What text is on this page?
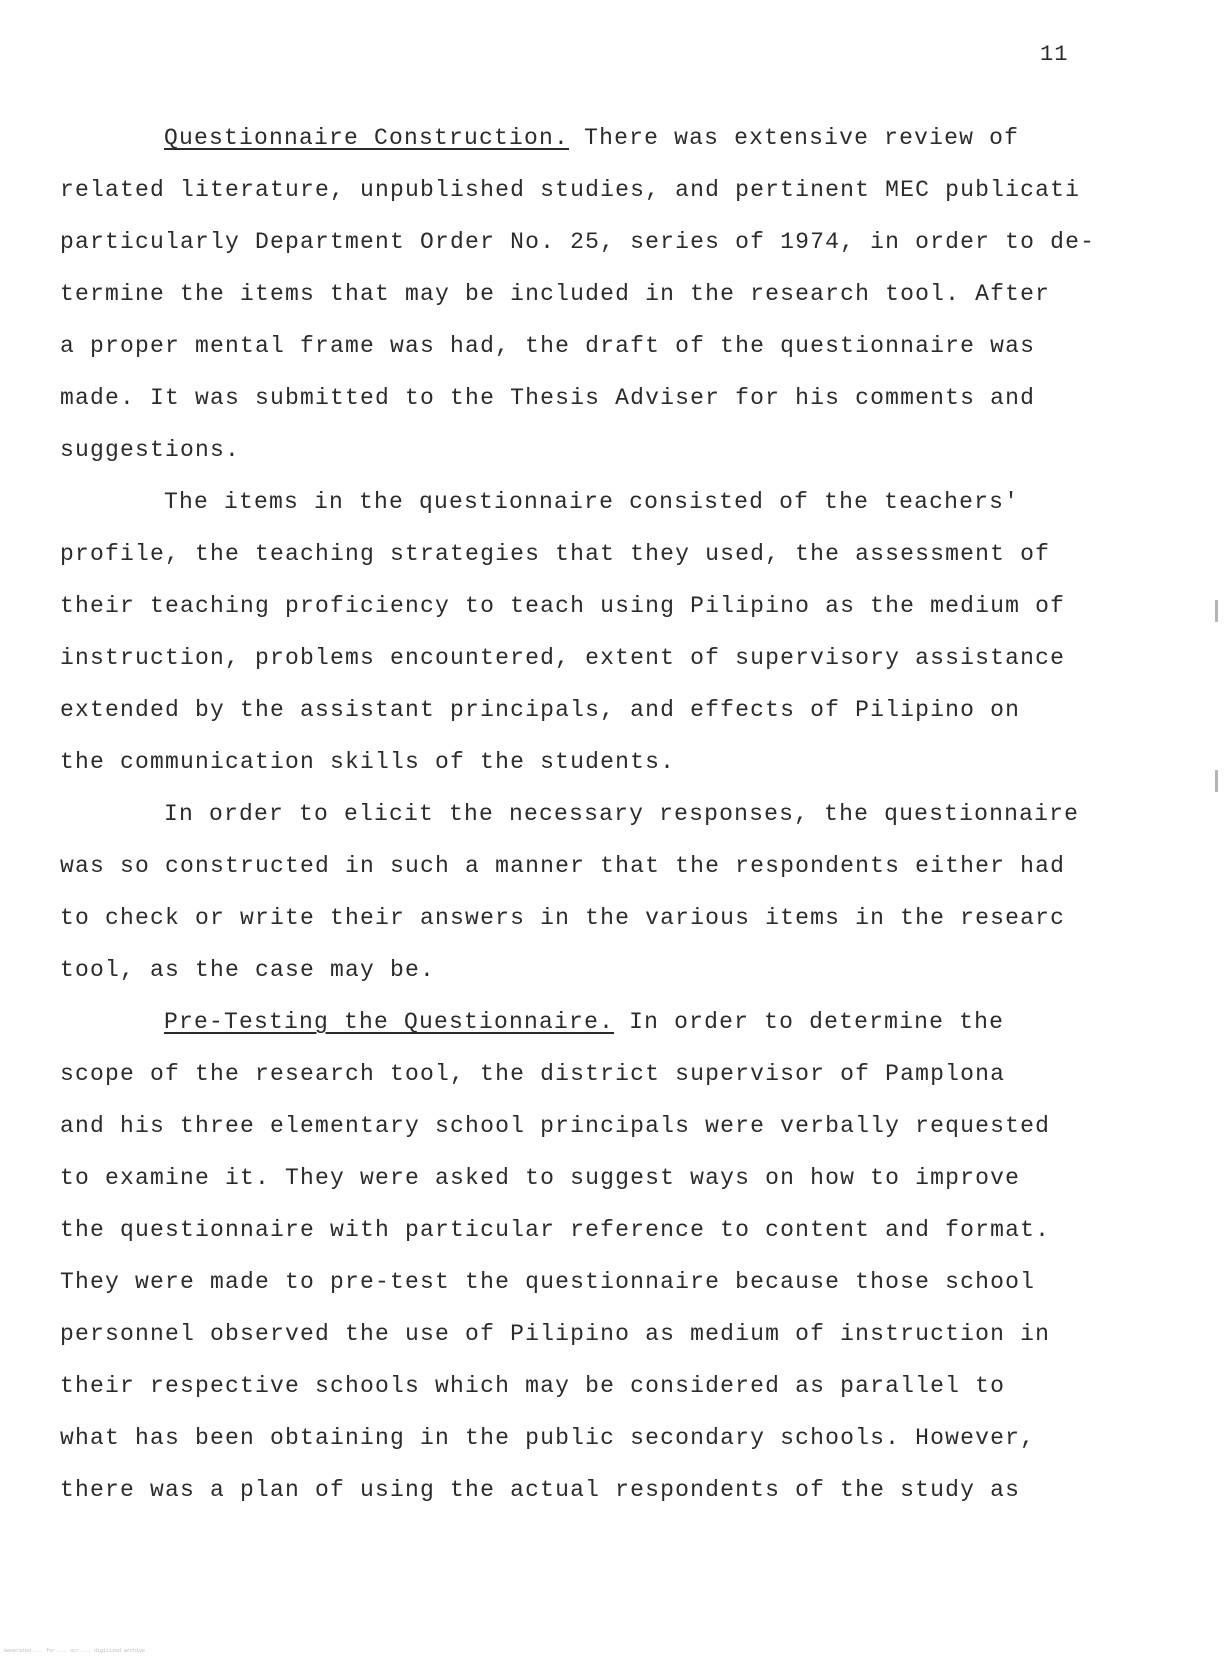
11
Questionnaire Construction. There was extensive review of
related literature, unpublished studies, and pertinent MEC publicati
particularly Department Order No. 25, series of 1974, in order to de-
termine the items that may be included in the research tool. After
a proper mental frame was had, the draft of the questionnaire was
made. It was submitted to the Thesis Adviser for his comments and
suggestions.
The items in the questionnaire consisted of the teachers'
profile, the teaching strategies that they used, the assessment of
their teaching proficiency to teach using Pilipino as the medium of
instruction, problems encountered, extent of supervisory assistance
extended by the assistant principals, and effects of Pilipino on
the communication skills of the students.
In order to elicit the necessary responses, the questionnaire
was so constructed in such a manner that the respondents either had
to check or write their answers in the various items in the researc
tool, as the case may be.
Pre-Testing the Questionnaire. In order to determine the
scope of the research tool, the district supervisor of Pamplona
and his three elementary school principals were verbally requested
to examine it. They were asked to suggest ways on how to improve
the questionnaire with particular reference to content and format.
They were made to pre-test the questionnaire because those school
personnel observed the use of Pilipino as medium of instruction in
their respective schools which may be considered as parallel to
what has been obtaining in the public secondary schools. However,
there was a plan of using the actual respondents of the study as
Generated ... for ... ocr ... digitized archive
